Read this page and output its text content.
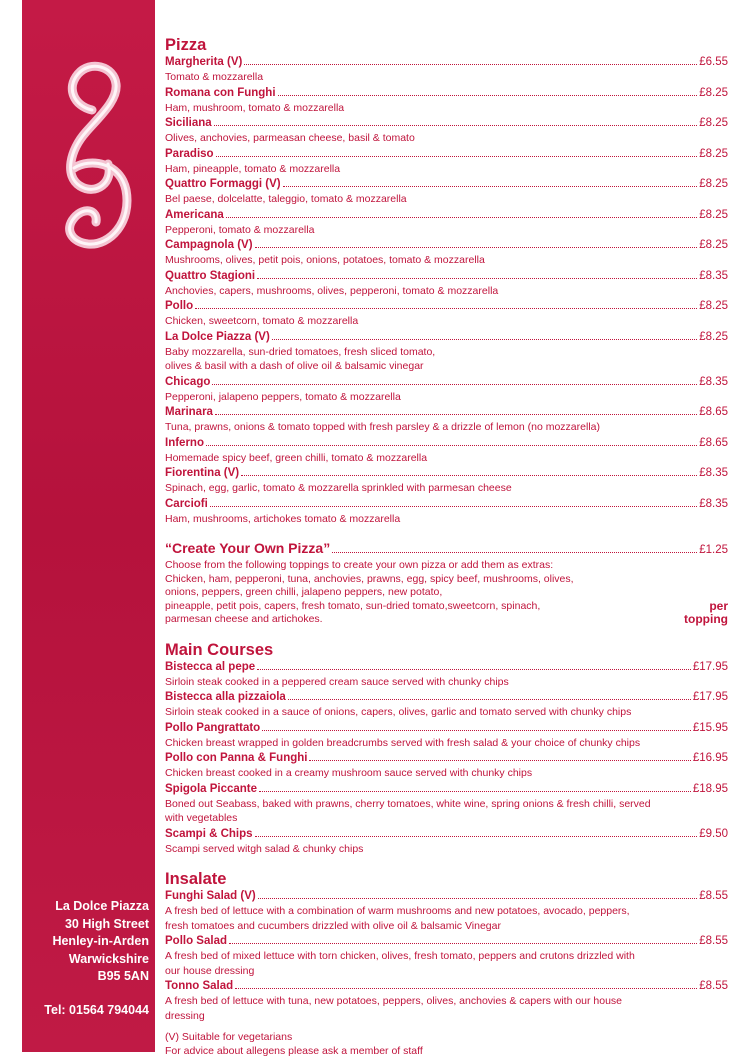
La Dolce Piazza
30 High Street
Henley-in-Arden
Warwickshire
B95 5AN
Tel: 01564 794044
Pizza
Margherita (V)	£6.55
Tomato & mozzarella
Romana con Funghi	£8.25
Ham, mushroom, tomato & mozzarella
Siciliana	£8.25
Olives, anchovies, parmeasan cheese, basil & tomato
Paradiso	£8.25
Ham, pineapple, tomato & mozzarella
Quattro Formaggi (V)	£8.25
Bel paese, dolcelatte, taleggio, tomato & mozzarella
Americana	£8.25
Pepperoni, tomato & mozzarella
Campagnola (V)	£8.25
Mushrooms, olives, petit pois, onions, potatoes, tomato & mozzarella
Quattro Stagioni	£8.35
Anchovies, capers, mushrooms, olives, pepperoni, tomato & mozzarella
Pollo	£8.25
Chicken, sweetcorn, tomato & mozzarella
La Dolce Piazza (V)	£8.25
Baby mozzarella, sun-dried tomatoes, fresh sliced tomato,
olives & basil with a dash of olive oil & balsamic vinegar
Chicago	£8.35
Pepperoni, jalapeno peppers, tomato & mozzarella
Marinara	£8.65
Tuna, prawns, onions & tomato topped with fresh parsley & a drizzle of lemon (no mozzarella)
Inferno	£8.65
Homemade spicy beef, green chilli, tomato & mozzarella
Fiorentina (V)	£8.35
Spinach, egg, garlic, tomato & mozzarella sprinkled with parmesan cheese
Carciofi	£8.35
Ham, mushrooms, artichokes tomato & mozzarella
“Create Your Own Pizza”	£1.25
Choose from the following toppings to create your own pizza or add them as extras:
Chicken, ham, pepperoni, tuna, anchovies, prawns, egg, spicy beef, mushrooms, olives,
onions, peppers, green chilli, jalapeno peppers, new potato,
pineapple, petit pois, capers, fresh tomato, sun-dried tomato,sweetcorn, spinach,	per
parmesan cheese and artichokes.	topping
Main Courses
Bistecca al pepe	£17.95
Sirloin steak cooked in a peppered cream sauce served with chunky chips
Bistecca alla pizzaiola	£17.95
Sirloin steak cooked in a sauce of onions, capers, olives, garlic and tomato served with chunky chips
Pollo Pangrattato	£15.95
Chicken breast wrapped in golden breadcrumbs served with fresh salad & your choice of chunky chips
Pollo con Panna & Funghi	£16.95
Chicken breast cooked in a creamy mushroom sauce served with chunky chips
Spigola Piccante	£18.95
Boned out Seabass, baked with prawns, cherry tomatoes, white wine, spring onions & fresh chilli, served
with vegetables
Scampi & Chips	£9.50
Scampi served witgh salad & chunky chips
Insalate
Funghi Salad (V)	£8.55
A fresh bed of lettuce with a combination of warm mushrooms and new potatoes, avocado, peppers,
fresh tomatoes and cucumbers drizzled with olive oil & balsamic Vinegar
Pollo Salad	£8.55
A fresh bed of mixed lettuce with torn chicken, olives, fresh tomato, peppers and crutons drizzled with
our house dressing
Tonno Salad	£8.55
A fresh bed of lettuce with tuna, new potatoes, peppers, olives, anchovies & capers with our house
dressing
(V) Suitable for vegetarians
For advice about allegens please ask a member of staff
